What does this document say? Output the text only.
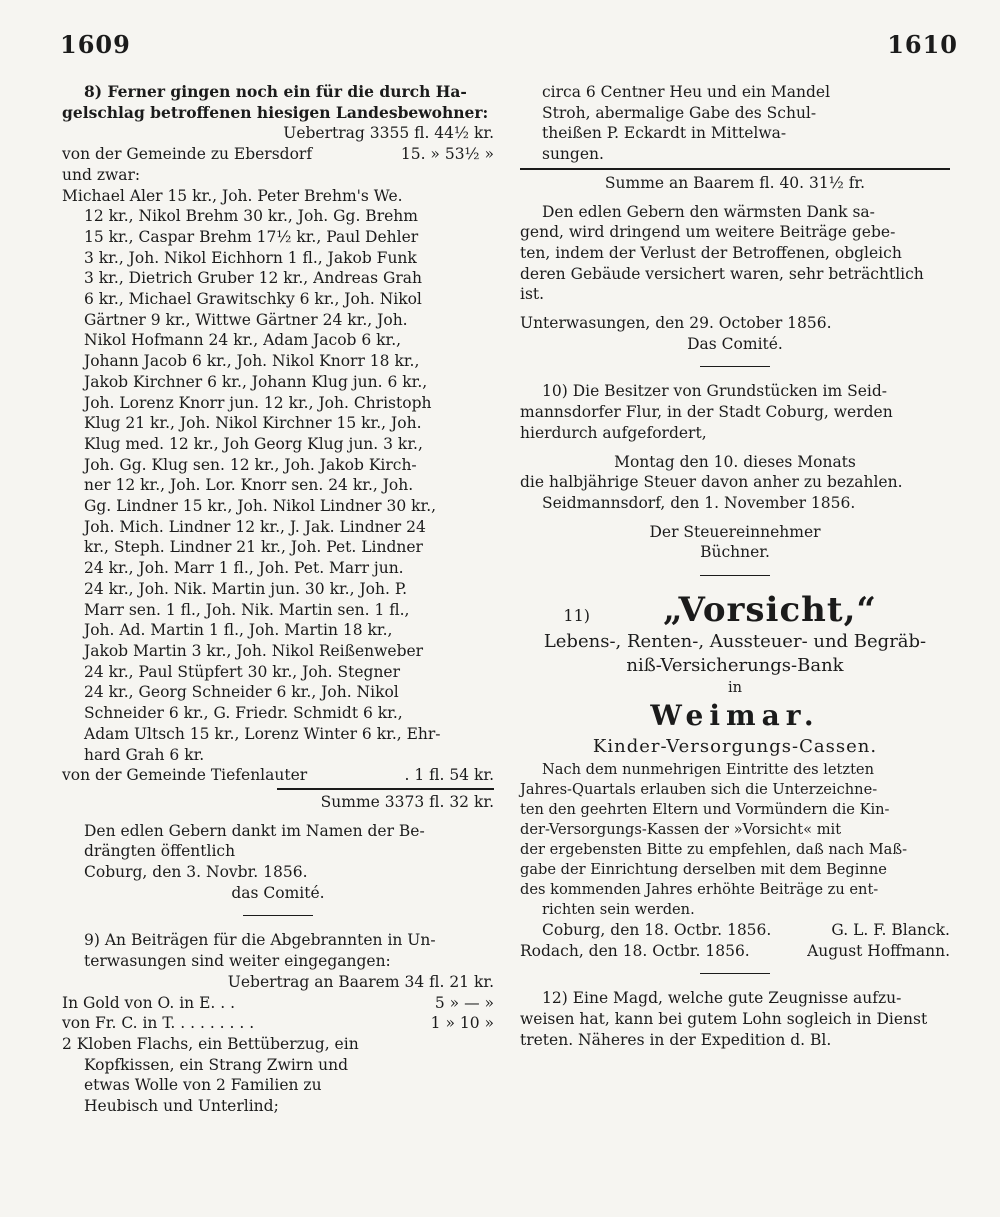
1609	1610

8) Ferner gingen noch ein für die durch Ha-

gelschlag betroffenen hiesigen Landesbewohner:

Uebertrag 3355 fl. 44½ kr.

von der Gemeinde zu Ebersdorf	15. » 53½ »

und zwar:

Michael Aler 15 kr., Joh. Peter Brehm's We.

12 kr., Nikol Brehm 30 kr., Joh. Gg. Brehm

15 kr., Caspar Brehm 17½ kr., Paul Dehler

3 kr., Joh. Nikol Eichhorn 1 fl., Jakob Funk

3 kr., Dietrich Gruber 12 kr., Andreas Grah

6 kr., Michael Grawitschky 6 kr., Joh. Nikol

Gärtner 9 kr., Wittwe Gärtner 24 kr., Joh.

Nikol Hofmann 24 kr., Adam Jacob 6 kr.,

Johann Jacob 6 kr., Joh. Nikol Knorr 18 kr.,

Jakob Kirchner 6 kr., Johann Klug jun. 6 kr.,

Joh. Lorenz Knorr jun. 12 kr., Joh. Christoph

Klug 21 kr., Joh. Nikol Kirchner 15 kr., Joh.

Klug med. 12 kr., Joh Georg Klug jun. 3 kr.,

Joh. Gg. Klug sen. 12 kr., Joh. Jakob Kirch-

ner 12 kr., Joh. Lor. Knorr sen. 24 kr., Joh.

Gg. Lindner 15 kr., Joh. Nikol Lindner 30 kr.,

Joh. Mich. Lindner 12 kr., J. Jak. Lindner 24

kr., Steph. Lindner 21 kr., Joh. Pet. Lindner

24 kr., Joh. Marr 1 fl., Joh. Pet. Marr jun.

24 kr., Joh. Nik. Martin jun. 30 kr., Joh. P.

Marr sen. 1 fl., Joh. Nik. Martin sen. 1 fl.,

Joh. Ad. Martin 1 fl., Joh. Martin 18 kr.,

Jakob Martin 3 kr., Joh. Nikol Reißenweber

24 kr., Paul Stüpfert 30 kr., Joh. Stegner

24 kr., Georg Schneider 6 kr., Joh. Nikol

Schneider 6 kr., G. Friedr. Schmidt 6 kr.,

Adam Ultsch 15 kr., Lorenz Winter 6 kr., Ehr-

hard Grah 6 kr.

von der Gemeinde Tiefenlauter	. 1 fl. 54 kr.

Summe 3373 fl. 32 kr.

Den edlen Gebern dankt im Namen der Be-

drängten öffentlich

Coburg, den 3. Novbr. 1856.

das Comité.

9) An Beiträgen für die Abgebrannten in Un-

terwasungen sind weiter eingegangen:

Uebertrag an Baarem 34 fl. 21 kr.

In Gold von O. in E. . .	5 » — »
von Fr. C. in T. . . . . . . . .	1 » 10 »

2 Kloben Flachs, ein Bettüberzug, ein

Kopfkissen, ein Strang Zwirn und

etwas Wolle von 2 Familien zu

Heubisch und Unterlind;

circa 6 Centner Heu und ein Mandel

Stroh, abermalige Gabe des Schul-

theißen P. Eckardt in Mittelwa-

sungen.

Summe an Baarem fl. 40. 31½ fr.

Den edlen Gebern den wärmsten Dank sa-

gend, wird dringend um weitere Beiträge gebe-

ten, indem der Verlust der Betroffenen, obgleich

deren Gebäude versichert waren, sehr beträchtlich ist.

Unterwasungen, den 29. October 1856.

Das Comité.

10) Die Besitzer von Grundstücken im Seid-

mannsdorfer Flur, in der Stadt Coburg, werden

hierdurch aufgefordert,

Montag den 10. dieses Monats

die halbjährige Steuer davon anher zu bezahlen.

Seidmannsdorf, den 1. November 1856.

Der Steuereinnehmer

Büchner.

11)	„Vorsicht,“

Lebens-, Renten-, Aussteuer- und Begräb-

niß-Versicherungs-Bank

in

Weimar.

Kinder-Versorgungs-Cassen.

Nach dem nunmehrigen Eintritte des letzten

Jahres-Quartals erlauben sich die Unterzeichne-

ten den geehrten Eltern und Vormündern die Kin-

der-Versorgungs-Kassen der »Vorsicht« mit

der ergebensten Bitte zu empfehlen, daß nach Maß-

gabe der Einrichtung derselben mit dem Beginne

des kommenden Jahres erhöhte Beiträge zu ent-

richten sein werden.

Coburg, den 18. Octbr. 1856.	G. L. F. Blanck.
Rodach, den 18. Octbr. 1856.	August Hoffmann.

12) Eine Magd, welche gute Zeugnisse aufzu-

weisen hat, kann bei gutem Lohn sogleich in Dienst

treten. Näheres in der Expedition d. Bl.
